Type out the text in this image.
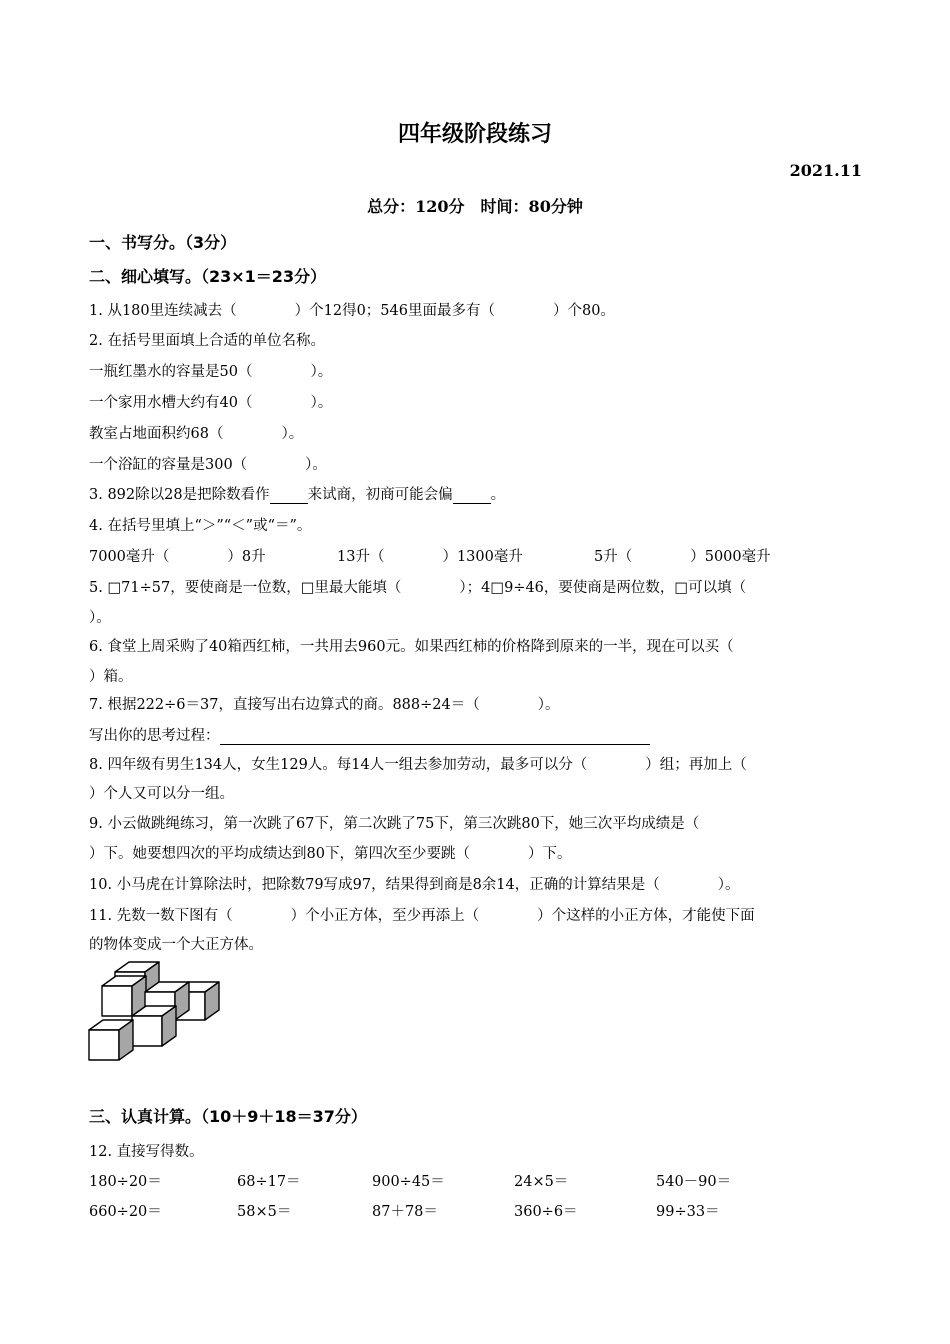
四年级阶段练习
2021.11
总分：120分　时间：80分钟
一、书写分。（3分）
二、细心填写。（23×1＝23分）
1. 从180里连续减去（　　　　）个12得0；546里面最多有（　　　　）个80。
2. 在括号里面填上合适的单位名称。
一瓶红墨水的容量是50（　　　　）。
一个家用水槽大约有40（　　　　）。
教室占地面积约68（　　　　）。
一个浴缸的容量是300（　　　　）。
3. 892除以28是把除数看作	来试商，初商可能会偏	。
4. 在括号里填上“＞”“＜”或“＝”。
7000毫升（　　　　）8升	13升（　　　　）1300毫升	5升（　　　　）5000毫升
5. □71÷57，要使商是一位数，□里最大能填（　　　　）；4□9÷46，要使商是两位数，□可以填（
）。
6. 食堂上周采购了40箱西红柿，一共用去960元。如果西红柿的价格降到原来的一半，现在可以买（
）箱。
7. 根据222÷6＝37，直接写出右边算式的商。888÷24＝（　　　　）。
写出你的思考过程：
8. 四年级有男生134人，女生129人。每14人一组去参加劳动，最多可以分（　　　　）组；再加上（
）个人又可以分一组。
9. 小云做跳绳练习，第一次跳了67下，第二次跳了75下，第三次跳80下，她三次平均成绩是（
）下。她要想四次的平均成绩达到80下，第四次至少要跳（　　　　）下。
10. 小马虎在计算除法时，把除数79写成97，结果得到商是8余14，正确的计算结果是（　　　　）。
11. 先数一数下图有（　　　　）个小正方体，至少再添上（　　　　）个这样的小正方体，才能使下面
的物体变成一个大正方体。
三、认真计算。（10＋9＋18＝37分）
12. 直接写得数。
180÷20＝	68÷17＝	900÷45＝	24×5＝	540－90＝
660÷20＝	58×5＝	87＋78＝	360÷6＝	99÷33＝
